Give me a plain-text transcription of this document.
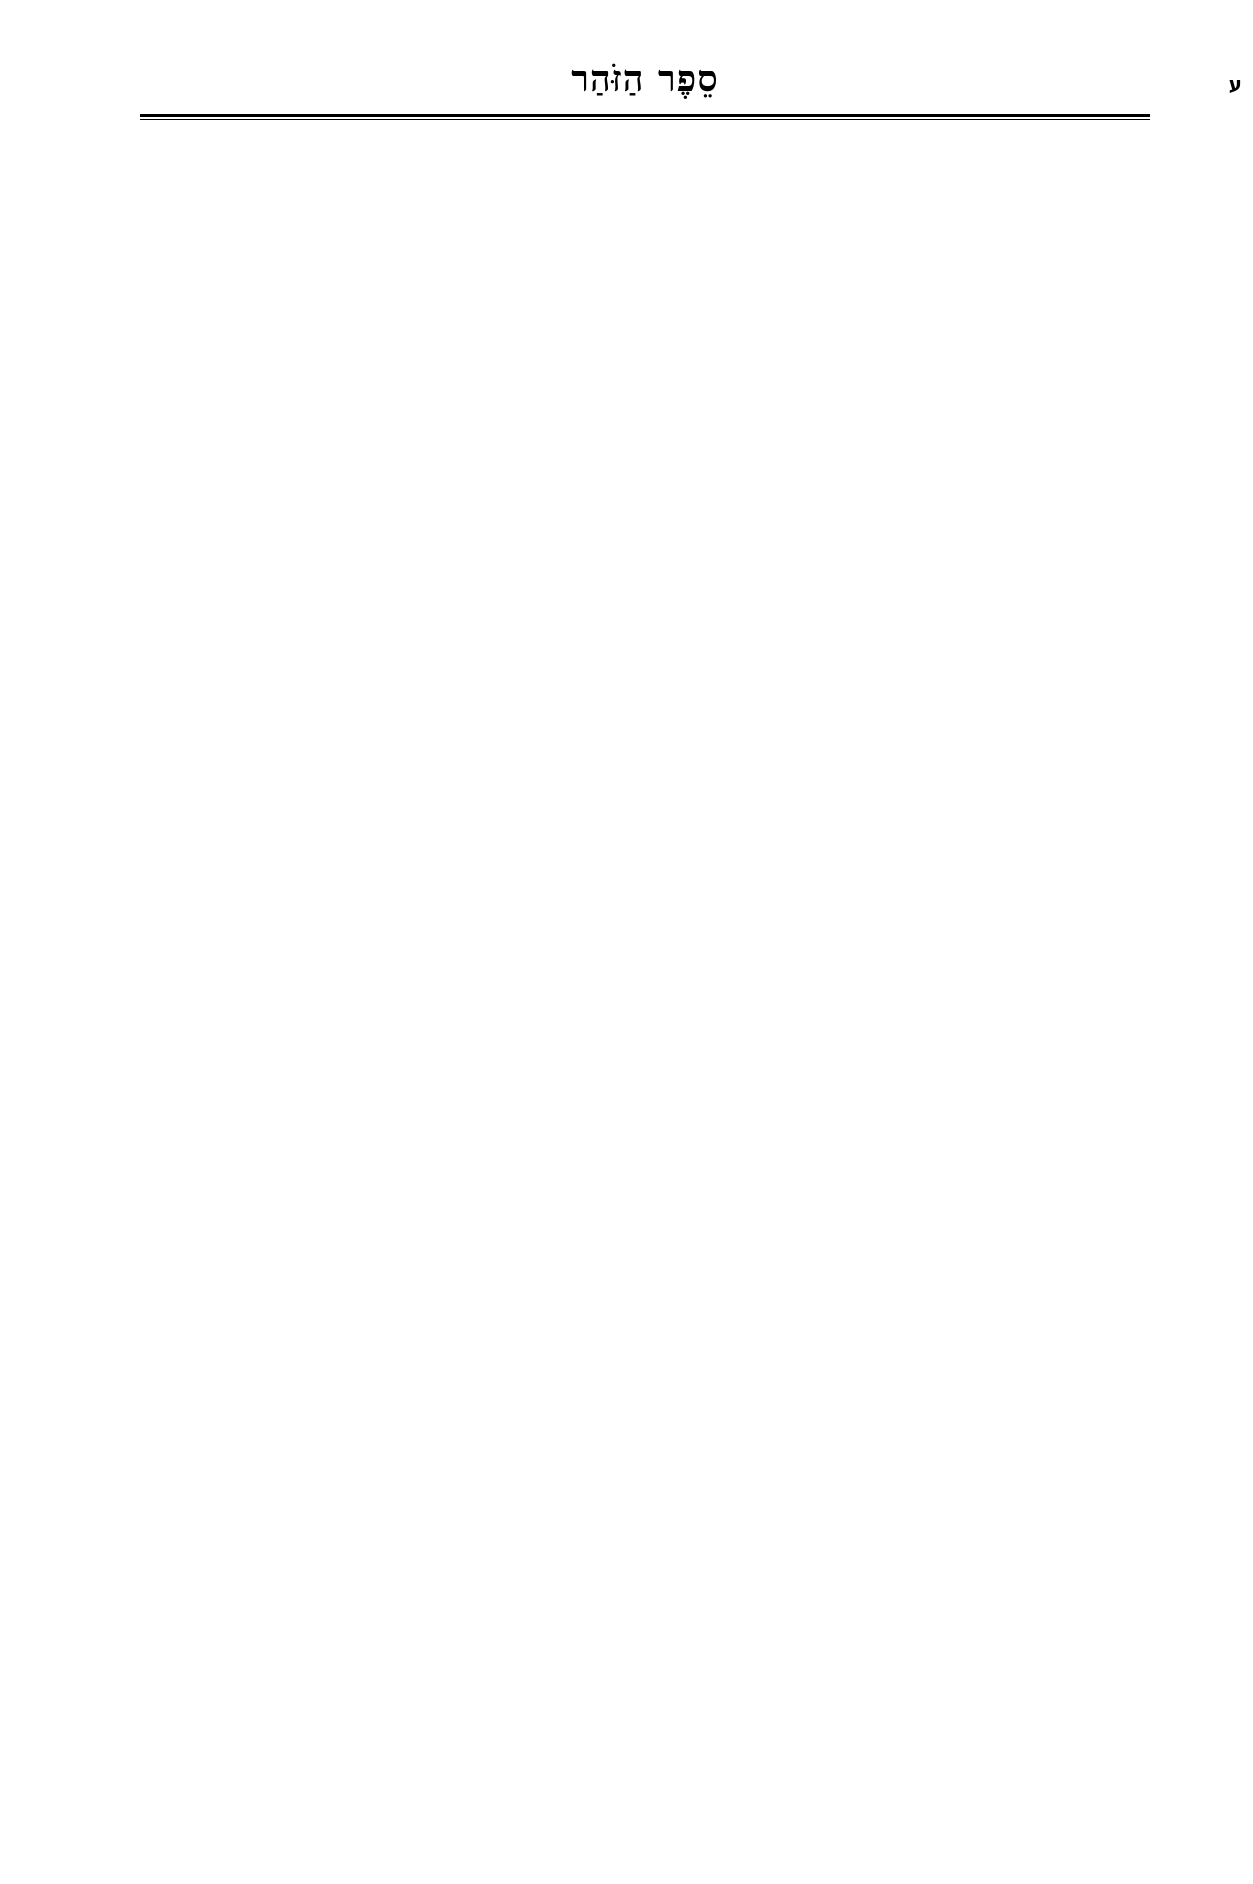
ע
סֵפֶר הַזֹּהַר
